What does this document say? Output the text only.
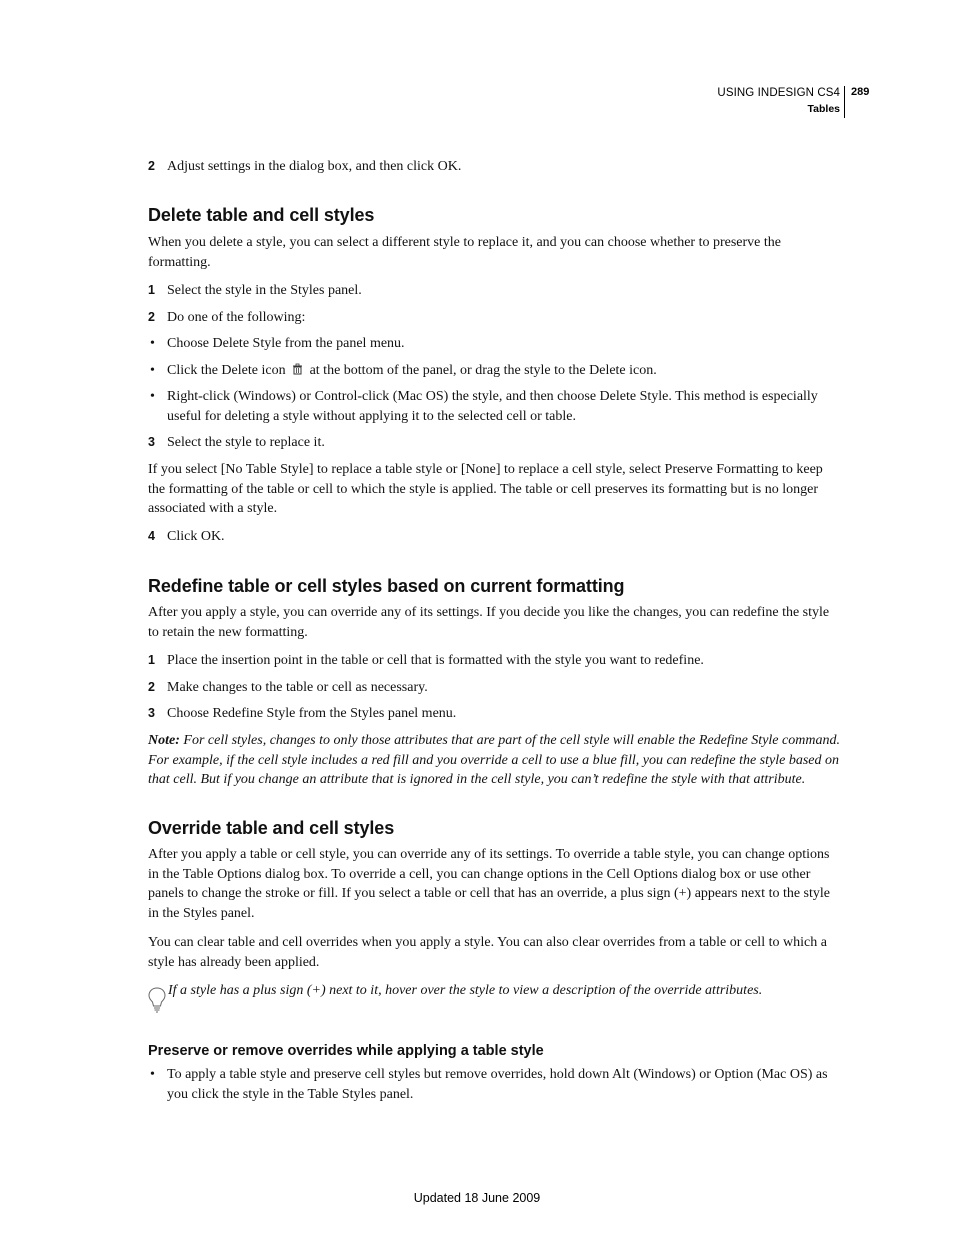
USING INDESIGN CS4
Tables
289
2 Adjust settings in the dialog box, and then click OK.
Delete table and cell styles
When you delete a style, you can select a different style to replace it, and you can choose whether to preserve the formatting.
1 Select the style in the Styles panel.
2 Do one of the following:
• Choose Delete Style from the panel menu.
• Click the Delete icon at the bottom of the panel, or drag the style to the Delete icon.
• Right-click (Windows) or Control-click (Mac OS) the style, and then choose Delete Style. This method is especially useful for deleting a style without applying it to the selected cell or table.
3 Select the style to replace it.
If you select [No Table Style] to replace a table style or [None] to replace a cell style, select Preserve Formatting to keep the formatting of the table or cell to which the style is applied. The table or cell preserves its formatting but is no longer associated with a style.
4 Click OK.
Redefine table or cell styles based on current formatting
After you apply a style, you can override any of its settings. If you decide you like the changes, you can redefine the style to retain the new formatting.
1 Place the insertion point in the table or cell that is formatted with the style you want to redefine.
2 Make changes to the table or cell as necessary.
3 Choose Redefine Style from the Styles panel menu.
Note: For cell styles, changes to only those attributes that are part of the cell style will enable the Redefine Style command. For example, if the cell style includes a red fill and you override a cell to use a blue fill, you can redefine the style based on that cell. But if you change an attribute that is ignored in the cell style, you can’t redefine the style with that attribute.
Override table and cell styles
After you apply a table or cell style, you can override any of its settings. To override a table style, you can change options in the Table Options dialog box. To override a cell, you can change options in the Cell Options dialog box or use other panels to change the stroke or fill. If you select a table or cell that has an override, a plus sign (+) appears next to the style in the Styles panel.
You can clear table and cell overrides when you apply a style. You can also clear overrides from a table or cell to which a style has already been applied.
If a style has a plus sign (+) next to it, hover over the style to view a description of the override attributes.
Preserve or remove overrides while applying a table style
• To apply a table style and preserve cell styles but remove overrides, hold down Alt (Windows) or Option (Mac OS) as you click the style in the Table Styles panel.
Updated 18 June 2009
